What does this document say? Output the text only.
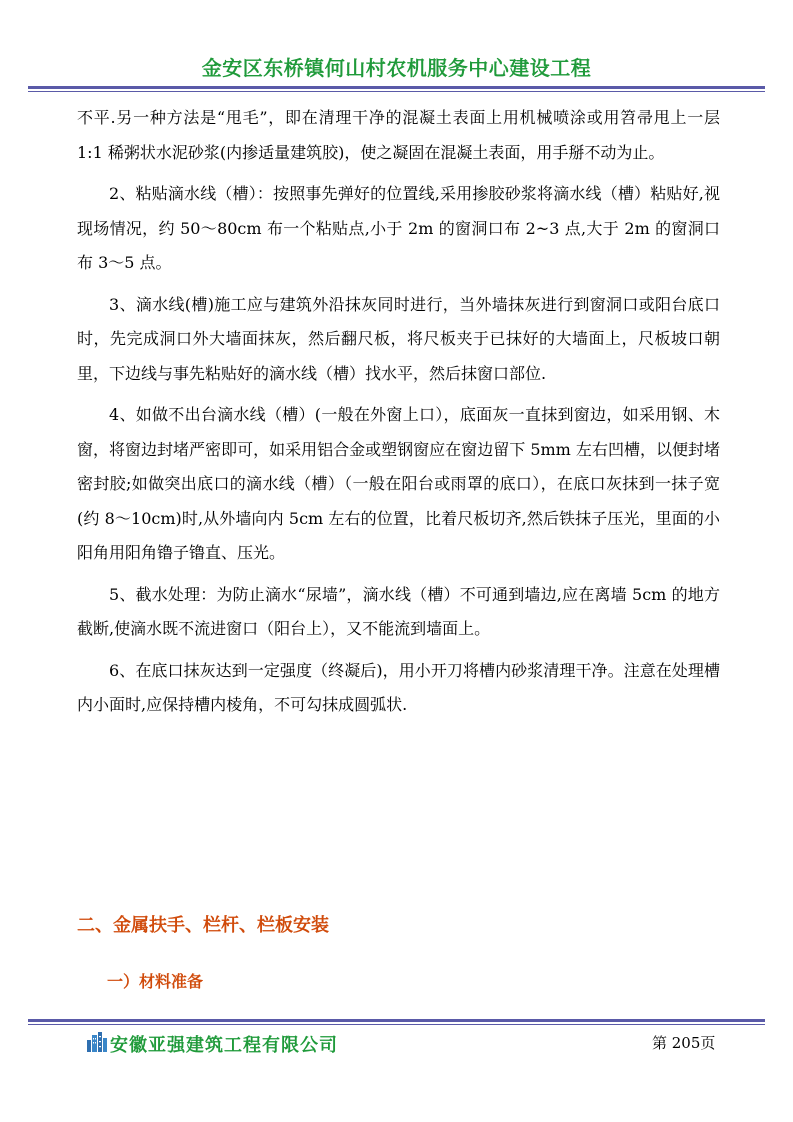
金安区东桥镇何山村农机服务中心建设工程

不平.另一种方法是“甩毛”，即在清理干净的混凝土表面上用机械喷涂或用笤帚甩上一层 1:1 稀粥状水泥砂浆(内掺适量建筑胶)，使之凝固在混凝土表面，用手掰不动为止。

2、粘贴滴水线（槽）：按照事先弹好的位置线,采用掺胶砂浆将滴水线（槽）粘贴好,视现场情况，约 50～80cm 布一个粘贴点,小于 2m 的窗洞口布 2~3 点,大于 2m 的窗洞口布 3～5 点。

3、滴水线(槽)施工应与建筑外沿抹灰同时进行，当外墙抹灰进行到窗洞口或阳台底口时，先完成洞口外大墙面抹灰，然后翻尺板，将尺板夹于已抹好的大墙面上，尺板坡口朝里，下边线与事先粘贴好的滴水线（槽）找水平，然后抹窗口部位.

4、如做不出台滴水线（槽）(一般在外窗上口），底面灰一直抹到窗边，如采用钢、木窗，将窗边封堵严密即可，如采用铝合金或塑钢窗应在窗边留下 5mm 左右凹槽，以便封堵密封胶;如做突出底口的滴水线（槽）（一般在阳台或雨罩的底口），在底口灰抹到一抹子宽(约 8～10cm)时,从外墙向内 5cm 左右的位置，比着尺板切齐,然后铁抹子压光，里面的小阳角用阳角镥子镥直、压光。

5、截水处理：为防止滴水“尿墙”，滴水线（槽）不可通到墙边,应在离墙 5cm 的地方截断,使滴水既不流进窗口（阳台上），又不能流到墙面上。

6、在底口抹灰达到一定强度（终凝后)，用小开刀将槽内砂浆清理干净。注意在处理槽内小面时,应保持槽内棱角，不可勾抹成圆弧状.

二、金属扶手、栏杆、栏板安装
一）材料准备
安徽亚强建筑工程有限公司	第 205页
